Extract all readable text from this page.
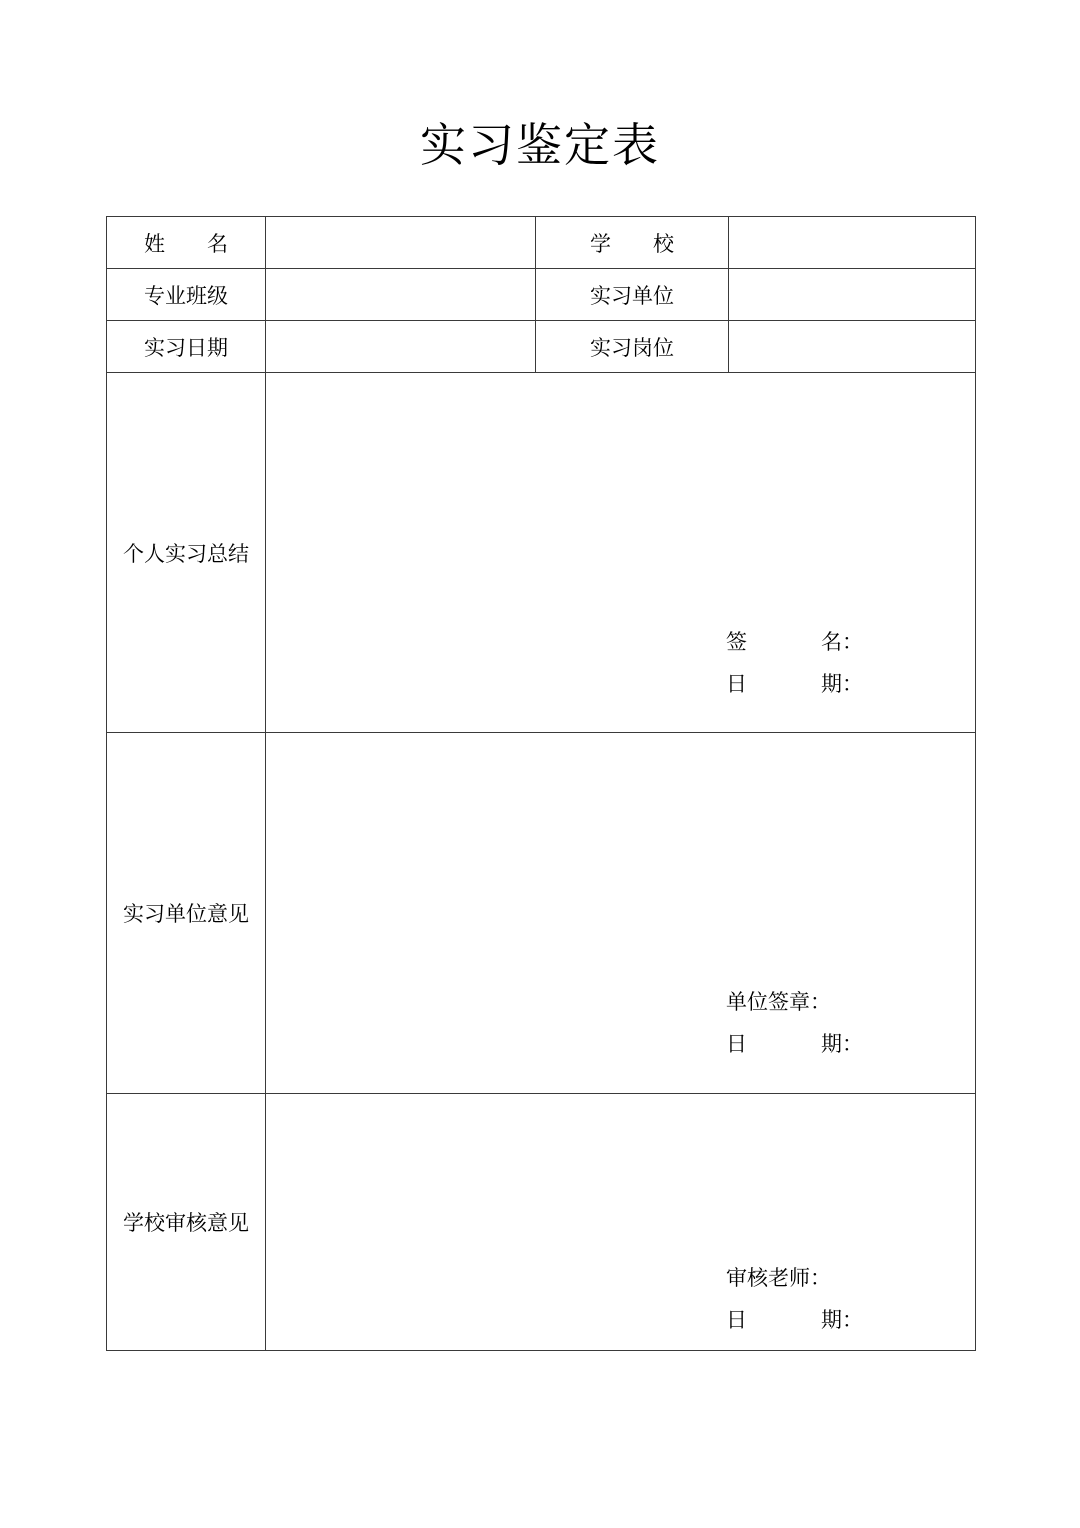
实习鉴定表
姓 名		学 校	
专业班级		实习单位	
实习日期		实习岗位	
个人实习总结	签 名：
日 期：		

实习单位意见	单位签章：
日 期：		

学校审核意见	审核老师：
日 期：		
